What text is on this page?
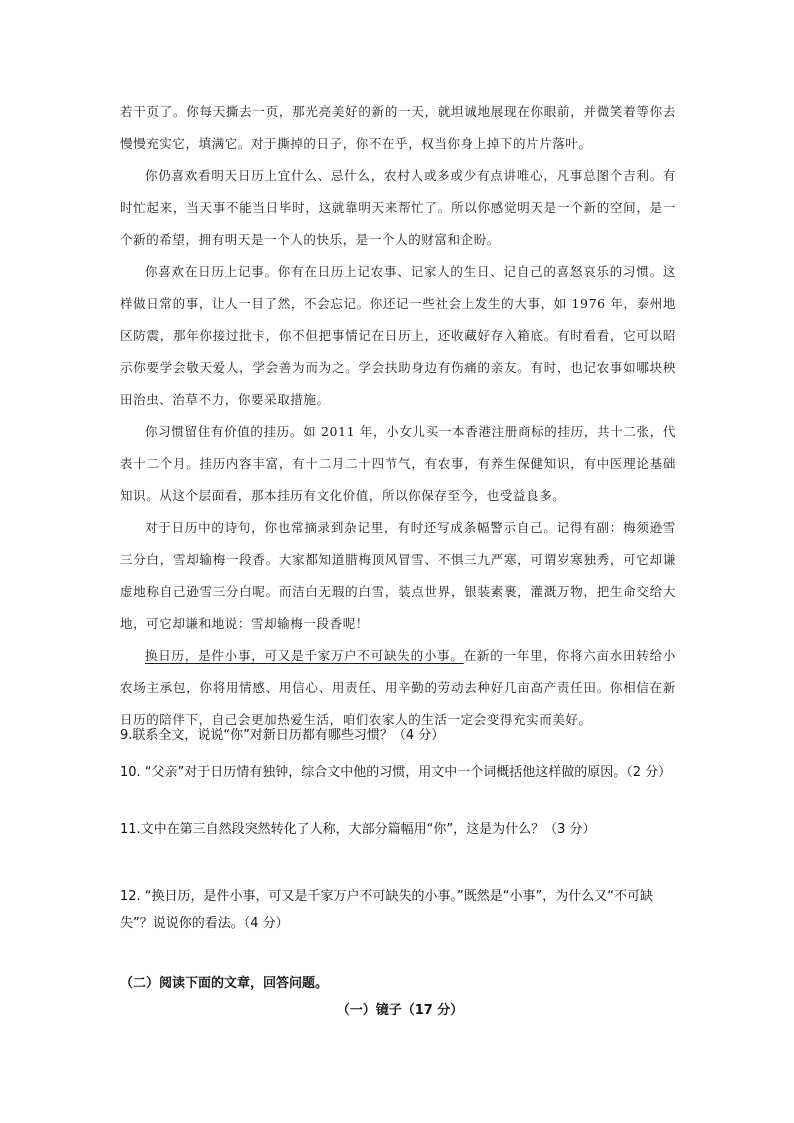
若干页了。你每天撕去一页，那光亮美好的新的一天，就坦诚地展现在你眼前，并微笑着等你去慢慢充实它，填满它。对于撕掉的日子，你不在乎，权当你身上掉下的片片落叶。

你仍喜欢看明天日历上宜什么、忌什么，农村人或多或少有点讲唯心，凡事总图个吉利。有时忙起来，当天事不能当日毕时，这就靠明天来帮忙了。所以你感觉明天是一个新的空间，是一个新的希望，拥有明天是一个人的快乐，是一个人的财富和企盼。

你喜欢在日历上记事。你有在日历上记农事、记家人的生日、记自己的喜怒哀乐的习惯。这样做日常的事，让人一目了然，不会忘记。你还记一些社会上发生的大事，如 1976 年，泰州地区防震，那年你接过批卡，你不但把事情记在日历上，还收藏好存入箱底。有时看看，它可以昭示你要学会敬天爱人，学会善为而为之。学会扶助身边有伤痛的亲友。有时，也记农事如哪块秧田治虫、治草不力，你要采取措施。

你习惯留住有价值的挂历。如 2011 年，小女儿买一本香港注册商标的挂历，共十二张，代表十二个月。挂历内容丰富，有十二月二十四节气，有农事，有养生保健知识，有中医理论基础知识。从这个层面看，那本挂历有文化价值，所以你保存至今，也受益良多。

对于日历中的诗句，你也常摘录到杂记里，有时还写成条幅警示自己。记得有副：梅须逊雪三分白，雪却输梅一段香。大家都知道腊梅顶风冒雪、不惧三九严寒，可谓岁寒独秀，可它却谦虚地称自己逊雪三分白呢。而洁白无瑕的白雪，装点世界，银装素裹，灌溉万物，把生命交给大地，可它却谦和地说：雪却输梅一段香呢！

换日历，是件小事，可又是千家万户不可缺失的小事。在新的一年里，你将六亩水田转给小农场主承包，你将用情感、用信心、用责任、用辛勤的劳动去种好几亩高产责任田。你相信在新日历的陪伴下，自己会更加热爱生活，咱们农家人的生活一定会变得充实而美好。

9.联系全文，说说“你”对新日历都有哪些习惯？（4 分）
10. “父亲”对于日历情有独钟，综合文中他的习惯，用文中一个词概括他这样做的原因。（2 分）
11.文中在第三自然段突然转化了人称，大部分篇幅用“你”，这是为什么？（3 分）
12. “换日历，是件小事，可又是千家万户不可缺失的小事。”既然是“小事”，为什么又“不可缺失”？说说你的看法。（4 分）
（二）阅读下面的文章，回答问题。
（一）镜子（17 分）
